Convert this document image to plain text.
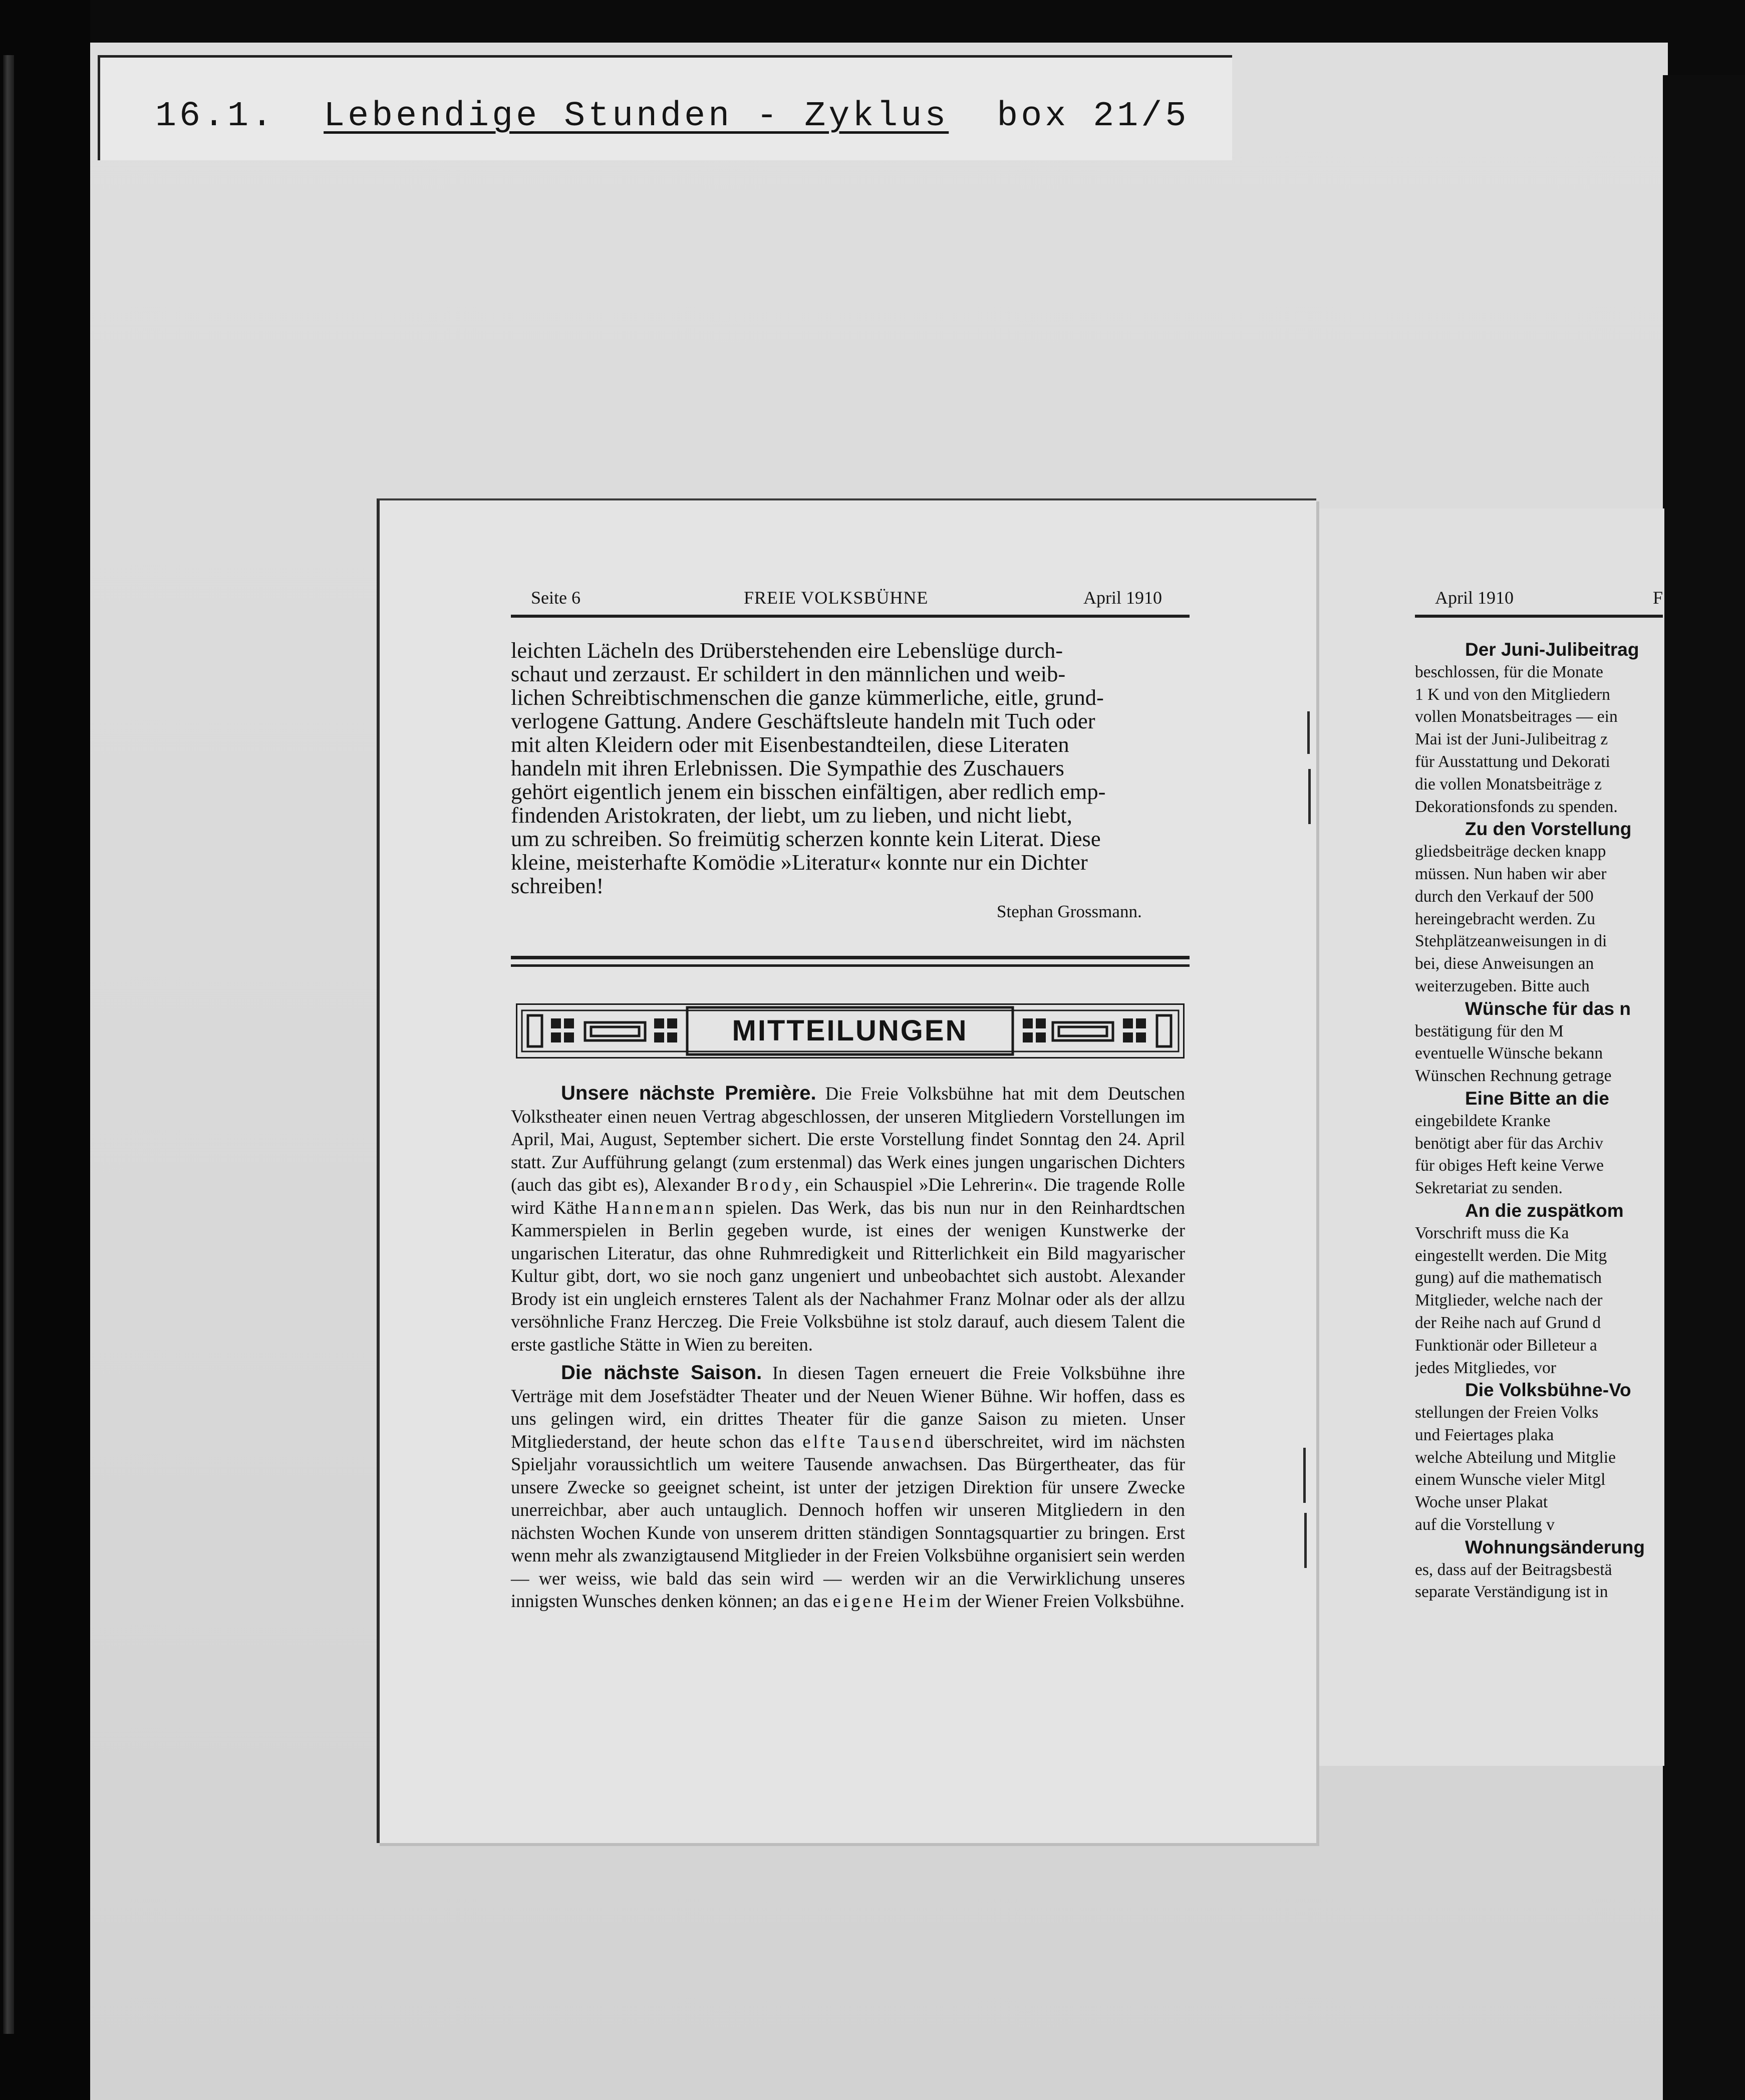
16.1. Lebendige Stunden - Zyklus box 21/5
Seite 6	FREIE VOLKSBÜHNE	April 1910

leichten Lächeln des Drüberstehenden eire Lebenslüge durch-

schaut und zerzaust. Er schildert in den männlichen und weib-

lichen Schreibtischmenschen die ganze kümmerliche, eitle, grund-

verlogene Gattung. Andere Geschäftsleute handeln mit Tuch oder

mit alten Kleidern oder mit Eisenbestandteilen, diese Literaten

handeln mit ihren Erlebnissen. Die Sympathie des Zuschauers

gehört eigentlich jenem ein bisschen einfältigen, aber redlich emp-

findenden Aristokraten, der liebt, um zu lieben, und nicht liebt,

um zu schreiben. So freimütig scherzen konnte kein Literat. Diese

kleine, meisterhafte Komödie »Literatur« konnte nur ein Dichter

schreiben!

Stephan Grossmann.
MITTEILUNGEN

Unsere nächste Première. Die Freie Volksbühne hat mit dem Deutschen Volkstheater einen neuen Vertrag abgeschlossen, der unseren Mitgliedern Vorstellungen im April, Mai, August, September sichert. Die erste Vorstellung findet Sonntag den 24. April statt. Zur Aufführung gelangt (zum erstenmal) das Werk eines jungen ungarischen Dichters (auch das gibt es), Alexander Brody, ein Schauspiel »Die Lehrerin«. Die tragende Rolle wird Käthe Hannemann spielen. Das Werk, das bis nun nur in den Reinhardtschen Kammerspielen in Berlin gegeben wurde, ist eines der wenigen Kunstwerke der ungarischen Literatur, das ohne Ruhmredigkeit und Ritterlichkeit ein Bild magyarischer Kultur gibt, dort, wo sie noch ganz ungeniert und unbeobachtet sich austobt. Alexander Brody ist ein ungleich ernsteres Talent als der Nachahmer Franz Molnar oder als der allzu versöhnliche Franz Herczeg. Die Freie Volksbühne ist stolz darauf, auch diesem Talent die erste gastliche Stätte in Wien zu bereiten.

Die nächste Saison. In diesen Tagen erneuert die Freie Volksbühne ihre Verträge mit dem Josefstädter Theater und der Neuen Wiener Bühne. Wir hoffen, dass es uns gelingen wird, ein drittes Theater für die ganze Saison zu mieten. Unser Mitgliederstand, der heute schon das elfte Tausend überschreitet, wird im nächsten Spieljahr voraussichtlich um weitere Tausende anwachsen. Das Bürgertheater, das für unsere Zwecke so geeignet scheint, ist unter der jetzigen Direktion für unsere Zwecke unerreichbar, aber auch untauglich. Dennoch hoffen wir unseren Mitgliedern in den nächsten Wochen Kunde von unserem dritten ständigen Sonntagsquartier zu bringen. Erst wenn mehr als zwanzigtausend Mitglieder in der Freien Volksbühne organisiert sein werden — wer weiss, wie bald das sein wird — werden wir an die Verwirklichung unseres innigsten Wunsches denken können; an das eigene Heim der Wiener Freien Volksbühne.

April 1910	F
Der Juni-Julibeitrag
beschlossen, für die Monate
1 K und von den Mitgliedern
vollen Monatsbeitrages — ein
Mai ist der Juni-Julibeitrag z
für Ausstattung und Dekorati
die vollen Monatsbeiträge z
Dekorationsfonds zu spenden.
Zu den Vorstellung
gliedsbeiträge decken knapp
müssen. Nun haben wir aber
durch den Verkauf der 500
hereingebracht werden. Zu
Stehplätzeanweisungen in di
bei, diese Anweisungen an
weiterzugeben. Bitte auch
Wünsche für das n
bestätigung für den M
eventuelle Wünsche bekann
Wünschen Rechnung getrage
Eine Bitte an die
eingebildete Kranke
benötigt aber für das Archiv
für obiges Heft keine Verwe
Sekretariat zu senden.
An die zuspätkom
Vorschrift muss die Ka
eingestellt werden. Die Mitg
gung) auf die mathematisch
Mitglieder, welche nach der
der Reihe nach auf Grund d
Funktionär oder Billeteur a
jedes Mitgliedes, vor
Die Volksbühne-Vo
stellungen der Freien Volks
und Feiertages plaka
welche Abteilung und Mitglie
einem Wunsche vieler Mitgl
Woche unser Plakat
auf die Vorstellung v
Wohnungsänderung
es, dass auf der Beitragsbestä
separate Verständigung ist in
